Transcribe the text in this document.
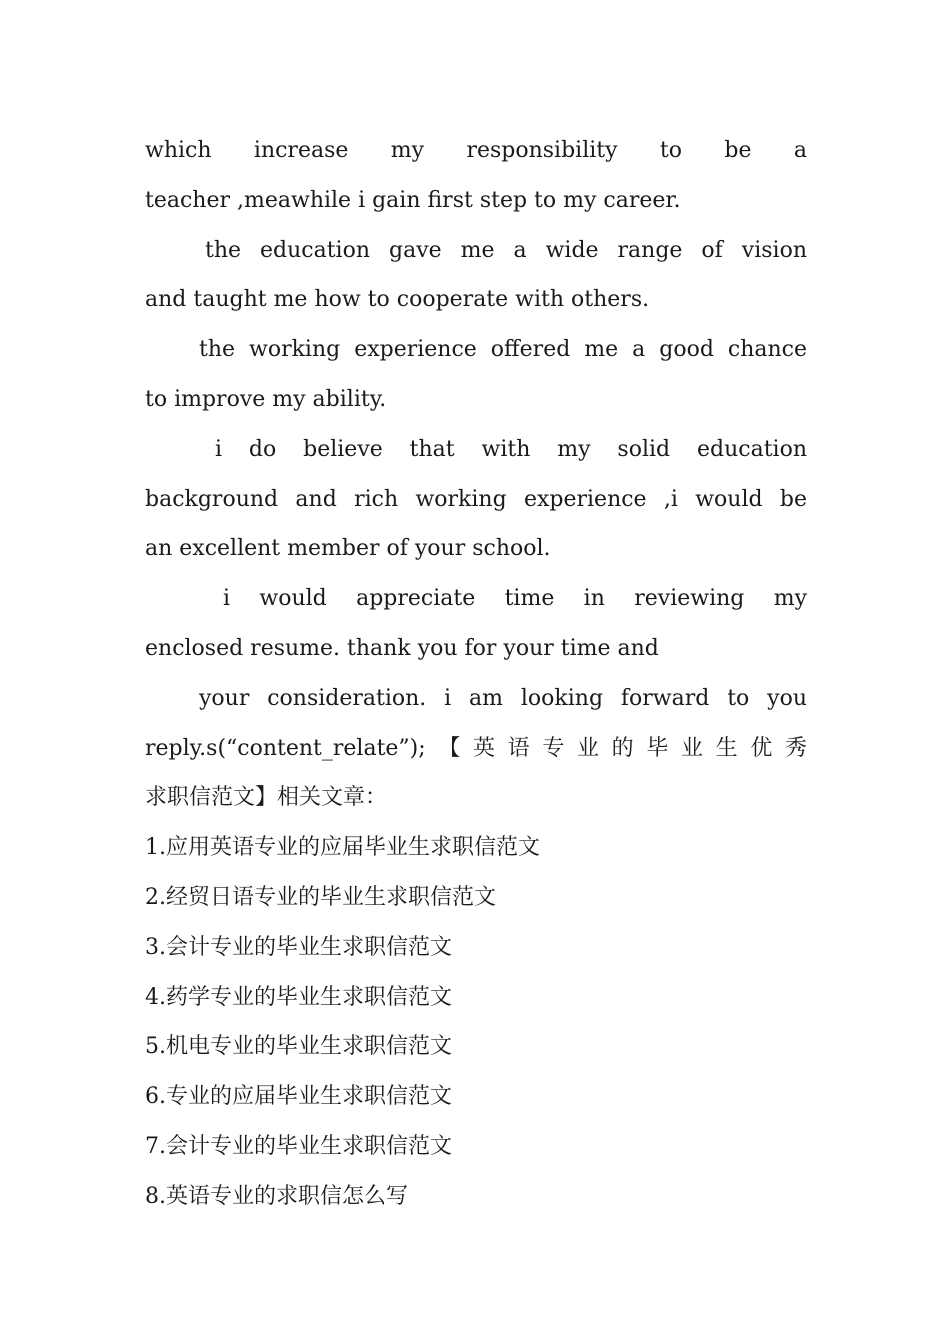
which increase my responsibility to be a
teacher ,meawhile i gain first step to my career.
the education gave me a wide range of vision
and taught me how to cooperate with others.
the working experience offered me a good chance
to improve my ability.
i do believe that with my solid education
background and rich working experience ,i would be
an excellent member of your school.
i would appreciate time in reviewing my
enclosed resume. thank you for your time and
your consideration. i am looking forward to you
reply.s(“content_relate”);【英语专业的毕业生优秀
求职信范文】相关文章：
1.应用英语专业的应届毕业生求职信范文
2.经贸日语专业的毕业生求职信范文
3.会计专业的毕业生求职信范文
4.药学专业的毕业生求职信范文
5.机电专业的毕业生求职信范文
6.专业的应届毕业生求职信范文
7.会计专业的毕业生求职信范文
8.英语专业的求职信怎么写
